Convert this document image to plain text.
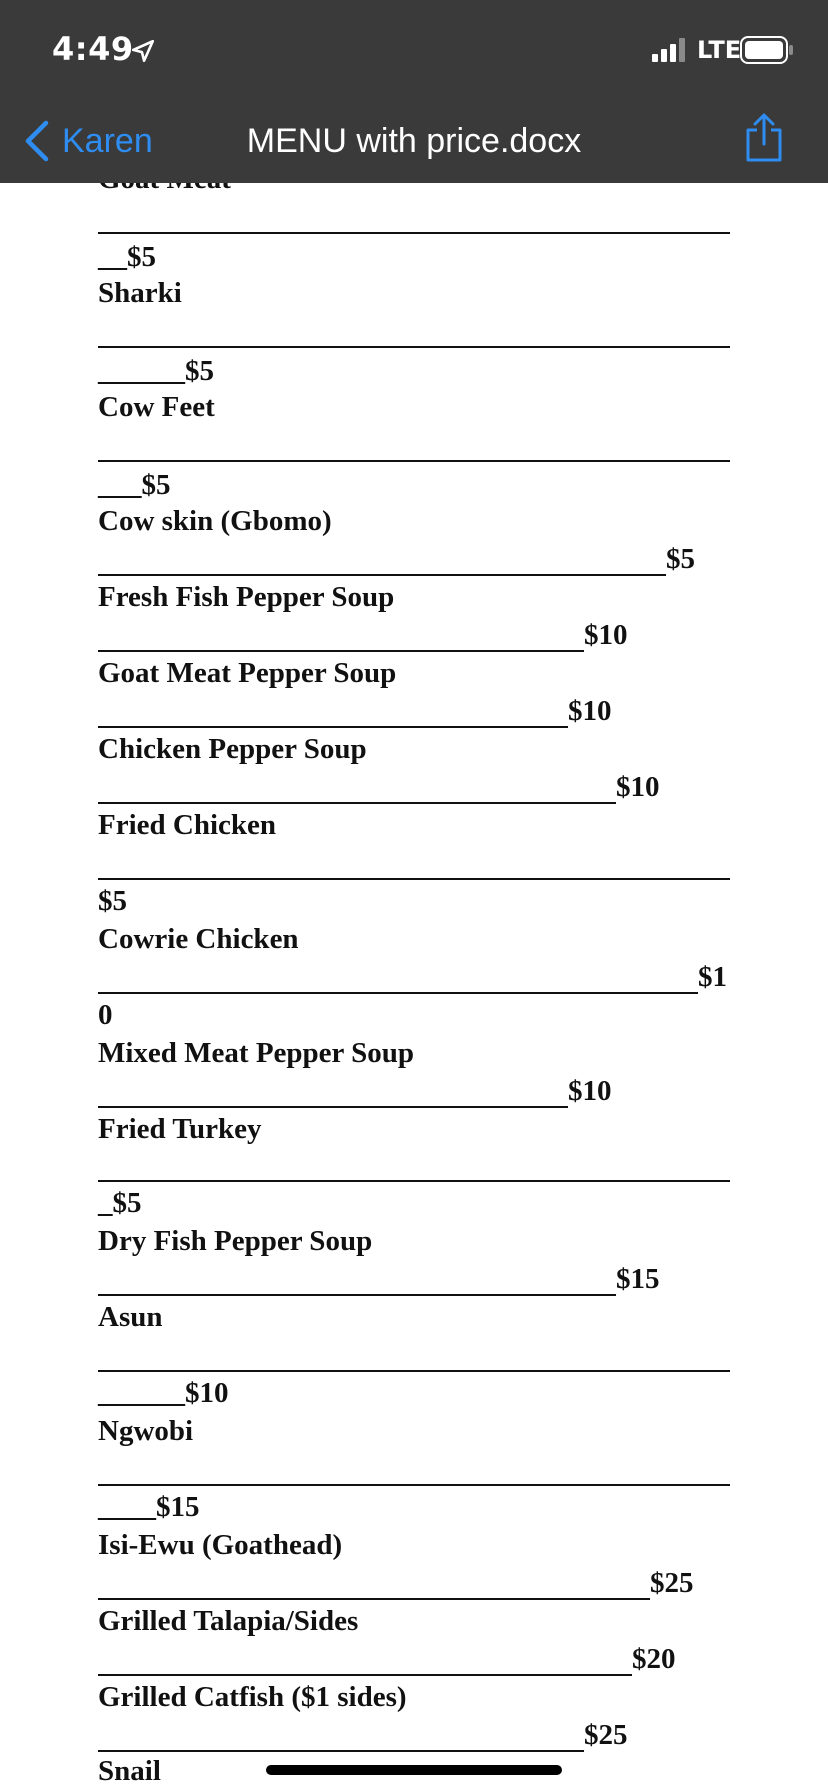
4:49	LTE
Karen	MENU with price.docx
__$5
Sharki
______$5
Cow Feet
___$5
Cow skin (Gbomo)
$5
Fresh Fish Pepper Soup
$10
Goat Meat Pepper Soup
$10
Chicken Pepper Soup
$10
Fried Chicken
$5
Cowrie Chicken
$1
0
Mixed Meat Pepper Soup
$10
Fried Turkey
_$5
Dry Fish Pepper Soup
$15
Asun
______$10
Ngwobi
____$15
Isi-Ewu (Goathead)
$25
Grilled Talapia/Sides
$20
Grilled Catfish ($1 sides)
$25
Snail
